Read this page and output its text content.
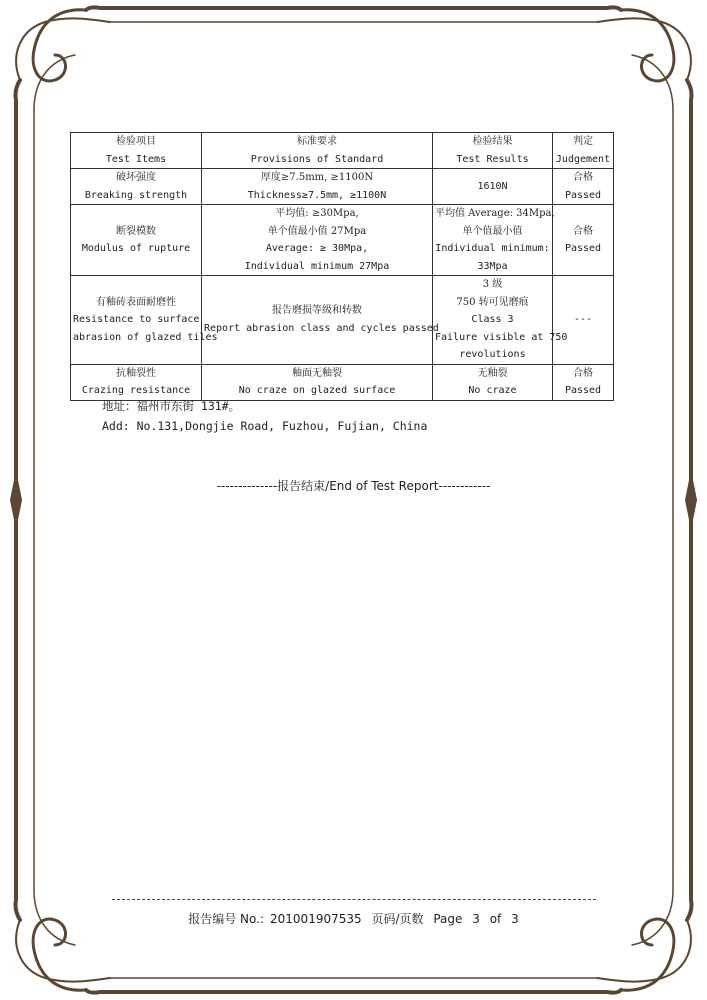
检验项目
Test Items	标准要求
Provisions of Standard	检验结果
Test Results	判定
Judgement

破坏强度
Breaking strength	厚度≥7.5mm, ≥1100N
Thickness≥7.5mm, ≥1100N	1610N	合格
Passed

断裂模数
Modulus of rupture	平均值: ≥30Mpa,
单个值最小值 27Mpa
Average: ≥ 30Mpa,
Individual minimum 27Mpa	平均值 Average: 34Mpa,
单个值最小值
Individual minimum:
33Mpa	合格
Passed

有釉砖表面耐磨性
Resistance to surface
abrasion of glazed tiles	报告磨损等级和转数
Report abrasion class and cycles passed	3 级
750 转可见磨痕
Class 3
Failure visible at 750
revolutions	---

抗釉裂性
Crazing resistance	釉面无釉裂
No craze on glazed surface	无釉裂
No craze	合格
Passed
地址：福州市东街 131#。
Add: No.131,Dongjie Road, Fuzhou, Fujian, China
--------------报告结束/End of Test Report------------
报告编号 No.: 201001907535 页码/页数 Page 3 of 3
